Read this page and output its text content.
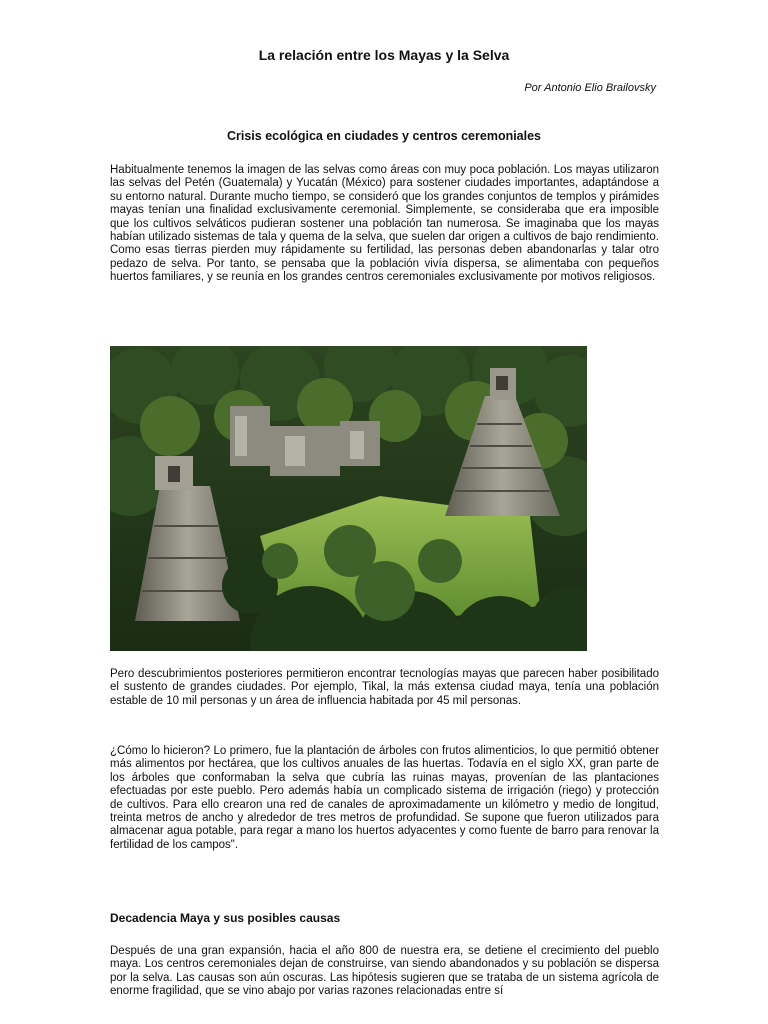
La relación entre los Mayas y la Selva
Por Antonio Elio Brailovsky
Crisis ecológica en ciudades y centros ceremoniales

Habitualmente tenemos la imagen de las selvas como áreas con muy poca población. Los mayas utilizaron las selvas del Petén (Guatemala) y Yucatán (México) para sostener ciudades importantes, adaptándose a su entorno natural. Durante mucho tiempo, se consideró que los grandes conjuntos de templos y pirámides mayas tenían una finalidad exclusivamente ceremonial. Simplemente, se consideraba que era imposible que los cultivos selváticos pudieran sostener una población tan numerosa. Se imaginaba que los mayas habían utilizado sistemas de tala y quema de la selva, que suelen dar origen a cultivos de bajo rendimiento. Como esas tierras pierden muy rápidamente su fertilidad, las personas deben abandonarlas y talar otro pedazo de selva. Por tanto, se pensaba que la población vivía dispersa, se alimentaba con pequeños huertos familiares, y se reunía en los grandes centros ceremoniales exclusivamente por motivos religiosos.

Pero descubrimientos posteriores permitieron encontrar tecnologías mayas que parecen haber posibilitado el sustento de grandes ciudades. Por ejemplo, Tikal, la más extensa ciudad maya, tenía una población estable de 10 mil personas y un área de influencia habitada por 45 mil personas.

¿Cómo lo hicieron? Lo primero, fue la plantación de árboles con frutos alimenticios, lo que permitió obtener más alimentos por hectárea, que los cultivos anuales de las huertas. Todavía en el siglo XX, gran parte de los árboles que conformaban la selva que cubría las ruinas mayas, provenían de las plantaciones efectuadas por este pueblo. Pero además había un complicado sistema de irrigación (riego) y protección de cultivos. Para ello crearon una red de canales de aproximadamente un kilómetro y medio de longitud, treinta metros de ancho y alrededor de tres metros de profundidad. Se supone que fueron utilizados para almacenar agua potable, para regar a mano los huertos adyacentes y como fuente de barro para renovar la fertilidad de los campos".

Decadencia Maya y sus posibles causas

Después de una gran expansión, hacia el año 800 de nuestra era, se detiene el crecimiento del pueblo maya. Los centros ceremoniales dejan de construirse, van siendo abandonados y su población se dispersa por la selva. Las causas son aún oscuras. Las hipótesis sugieren que se trataba de un sistema agrícola de enorme fragilidad, que se vino abajo por varias razones relacionadas entre sí
